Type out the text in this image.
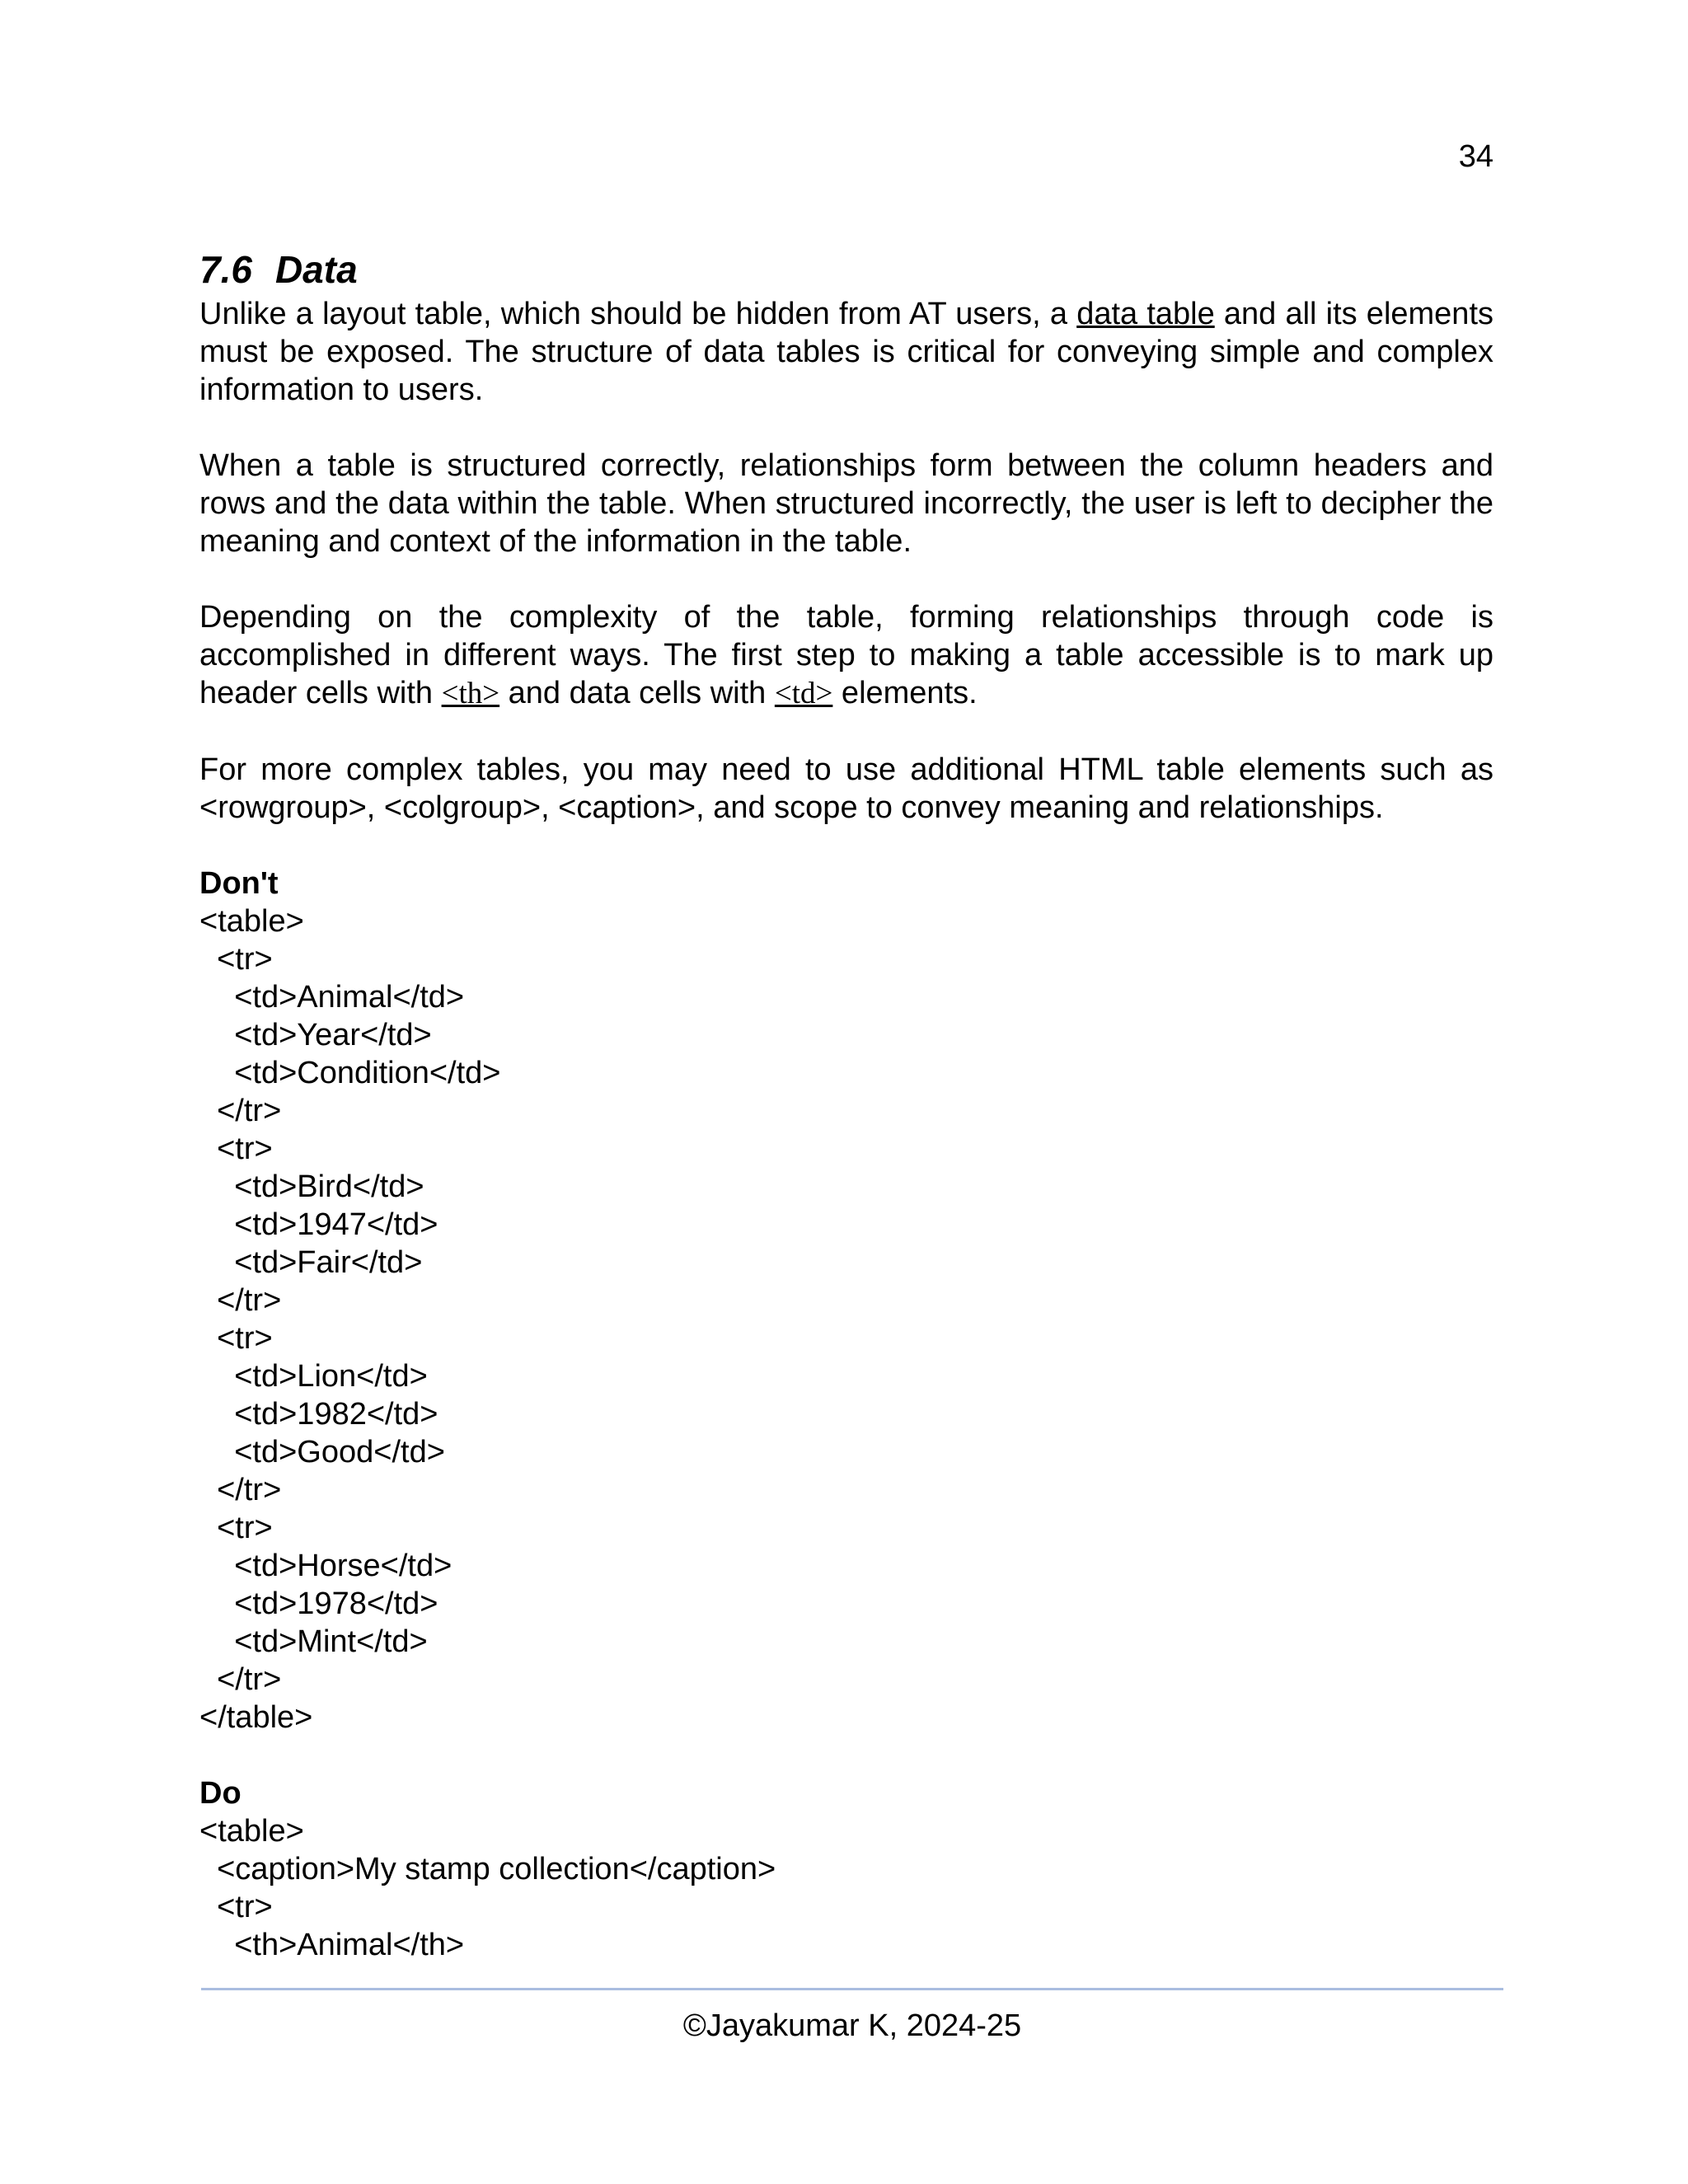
34
7.6 Data

Unlike a layout table, which should be hidden from AT users, a data table and all its elements must be exposed. The structure of data tables is critical for conveying simple and complex information to users.

When a table is structured correctly, relationships form between the column headers and rows and the data within the table. When structured incorrectly, the user is left to decipher the meaning and context of the information in the table.

Depending on the complexity of the table, forming relationships through code is accomplished in different ways. The first step to making a table accessible is to mark up header cells with <th> and data cells with <td> elements.

For more complex tables, you may need to use additional HTML table elements such as <rowgroup>, <colgroup>, <caption>, and scope to convey meaning and relationships.

Don't
<table>
<tr>
<td>Animal</td>
<td>Year</td>
<td>Condition</td>
</tr>
<tr>
<td>Bird</td>
<td>1947</td>
<td>Fair</td>
</tr>
<tr>
<td>Lion</td>
<td>1982</td>
<td>Good</td>
</tr>
<tr>
<td>Horse</td>
<td>1978</td>
<td>Mint</td>
</tr>
</table>
Do
<table>
<caption>My stamp collection</caption>
<tr>
<th>Animal</th>
©Jayakumar K, 2024-25
